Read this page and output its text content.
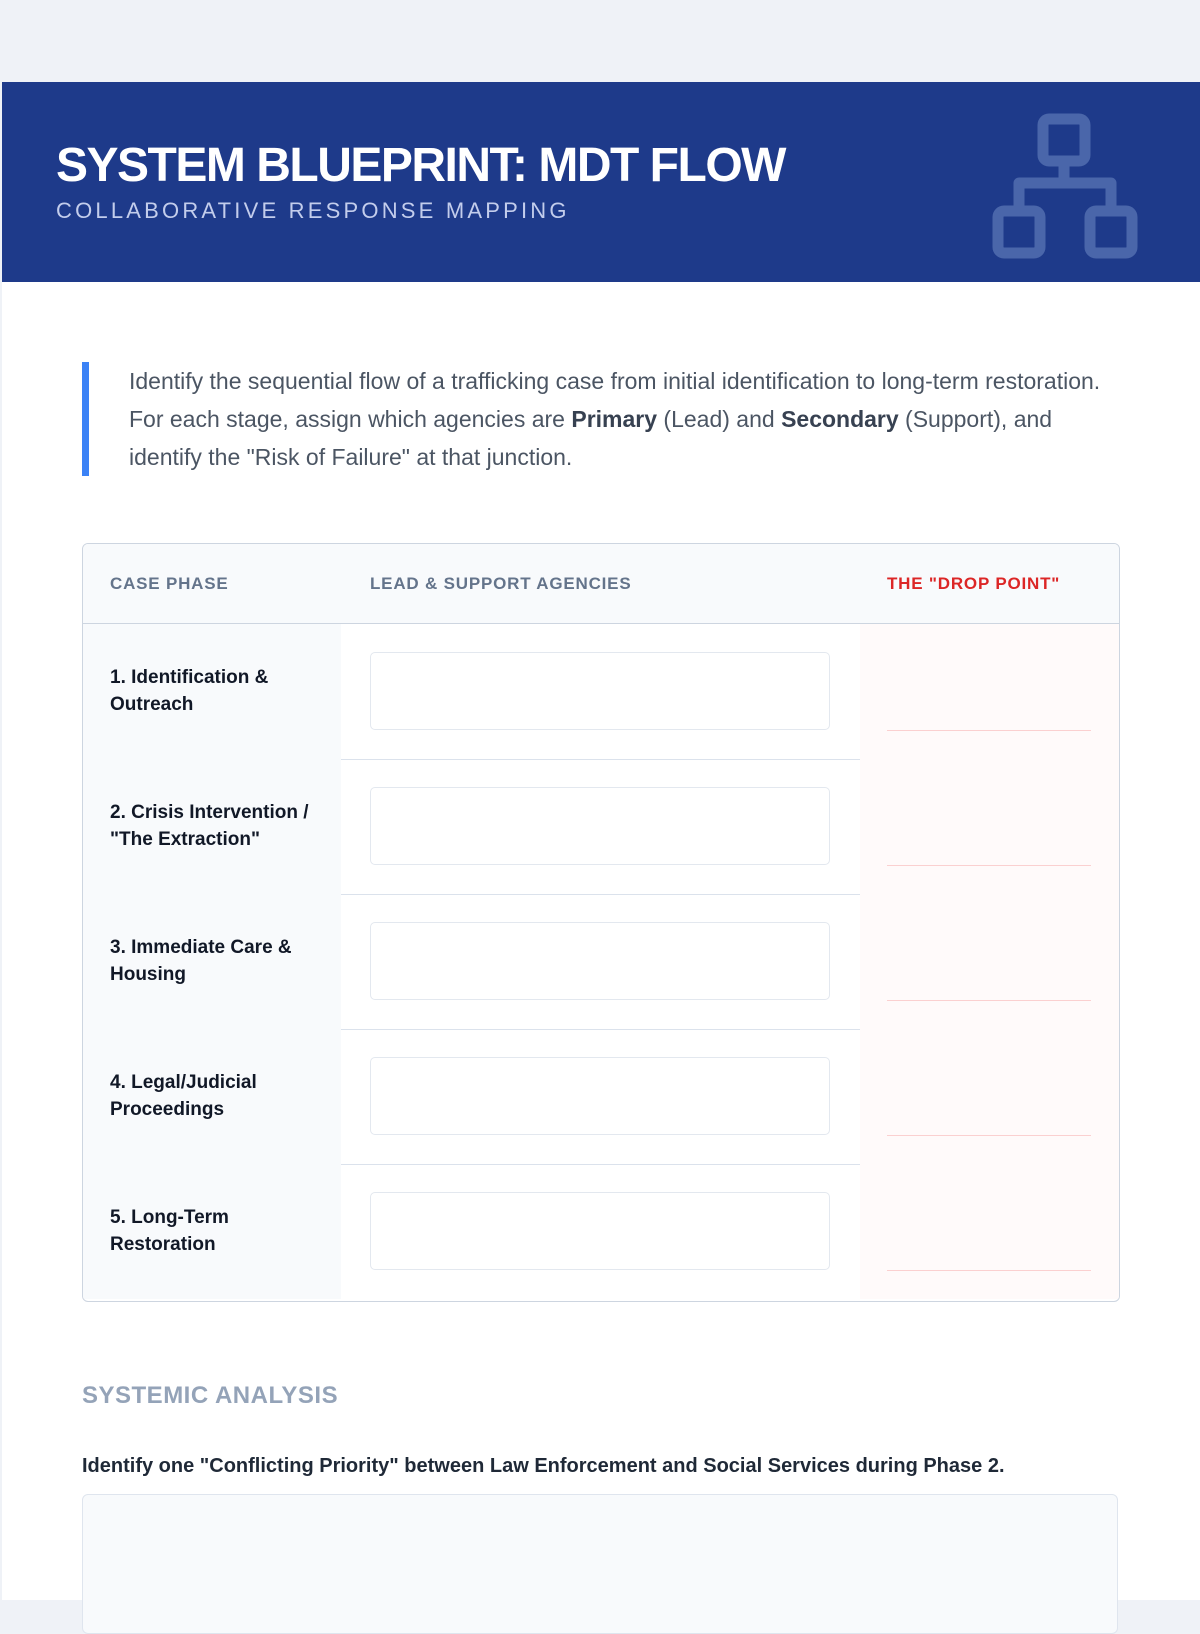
SYSTEM BLUEPRINT: MDT FLOW
COLLABORATIVE RESPONSE MAPPING
Identify the sequential flow of a trafficking case from initial identification to long-term restoration. For each stage, assign which agencies are Primary (Lead) and Secondary (Support), and identify the "Risk of Failure" at that junction.
CASE PHASE	LEAD & SUPPORT AGENCIES	THE "DROP POINT"
1. Identification & Outreach
2. Crisis Intervention / "The Extraction"
3. Immediate Care & Housing
4. Legal/Judicial Proceedings
5. Long-Term Restoration
SYSTEMIC ANALYSIS
Identify one "Conflicting Priority" between Law Enforcement and Social Services during Phase 2.
